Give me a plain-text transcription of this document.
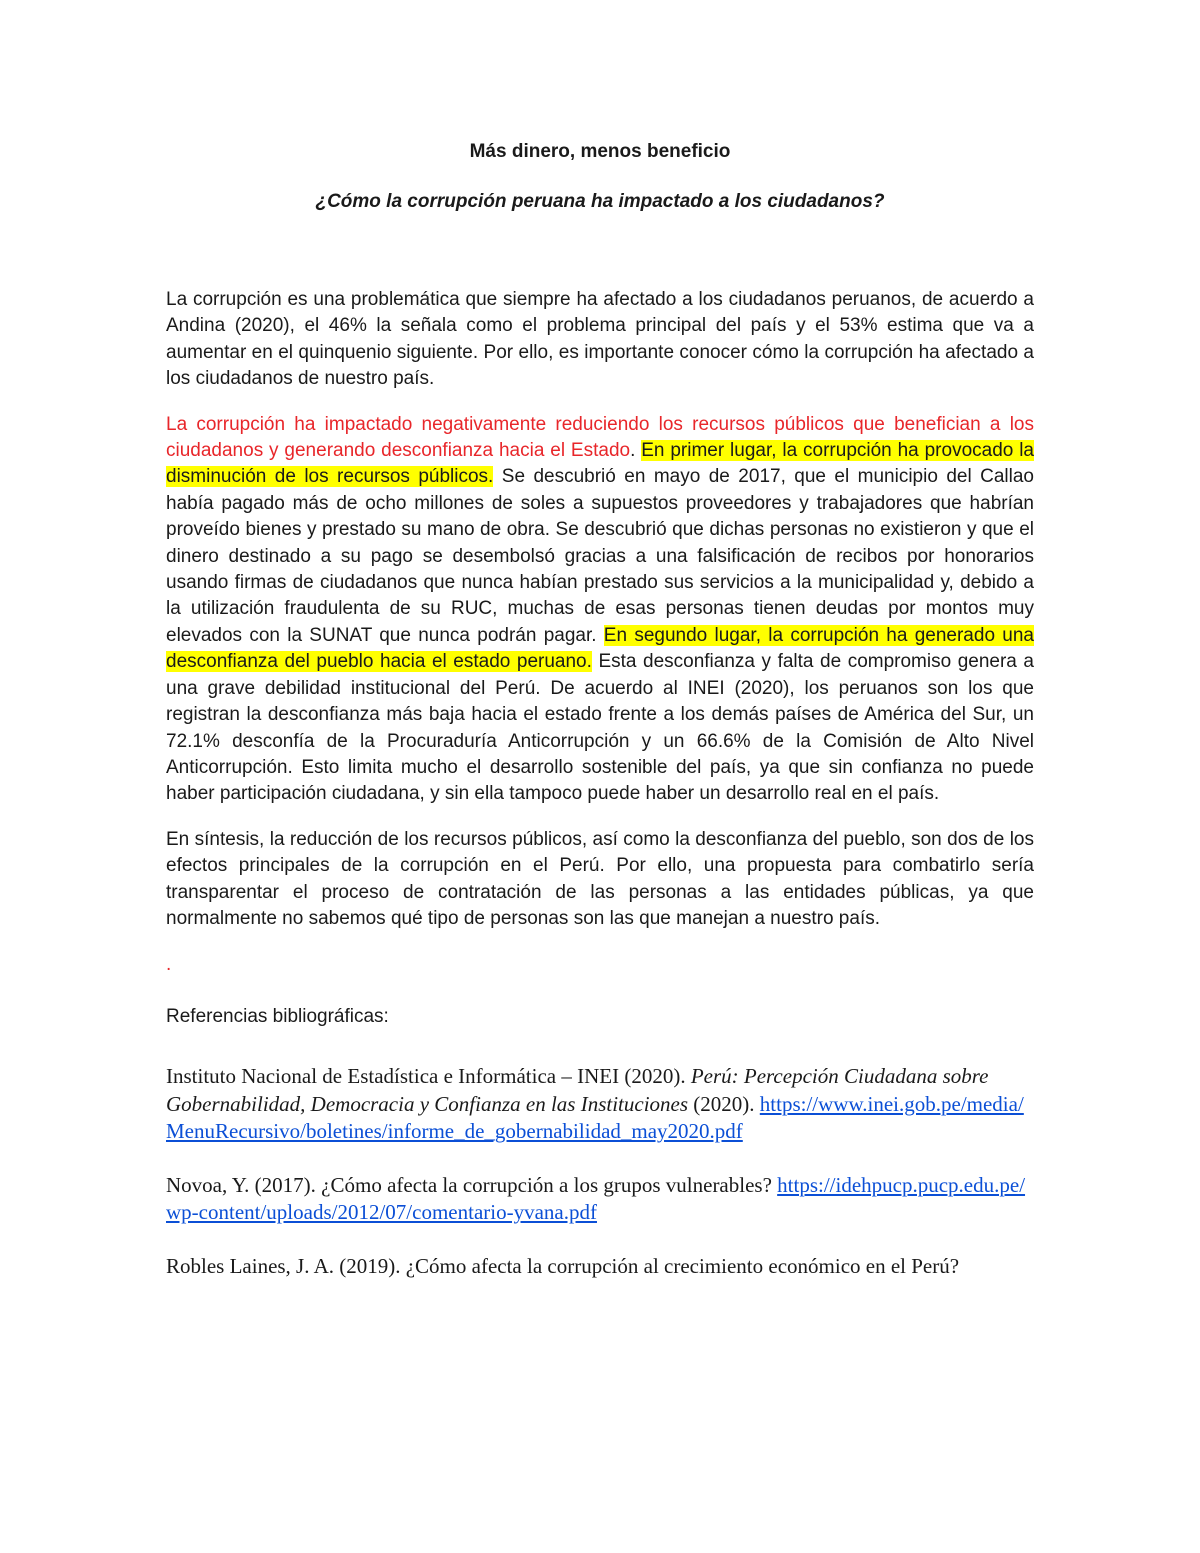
Más dinero, menos beneficio

¿Cómo la corrupción peruana ha impactado a los ciudadanos?

La corrupción es una problemática que siempre ha afectado a los ciudadanos peruanos, de acuerdo a Andina (2020), el 46% la señala como el problema principal del país y el 53% estima que va a aumentar en el quinquenio siguiente. Por ello, es importante conocer cómo la corrupción ha afectado a los ciudadanos de nuestro país.

La corrupción ha impactado negativamente reduciendo los recursos públicos que benefician a los ciudadanos y generando desconfianza hacia el Estado. En primer lugar, la corrupción ha provocado la disminución de los recursos públicos. Se descubrió en mayo de 2017, que el municipio del Callao había pagado más de ocho millones de soles a supuestos proveedores y trabajadores que habrían proveído bienes y prestado su mano de obra. Se descubrió que dichas personas no existieron y que el dinero destinado a su pago se desembolsó gracias a una falsificación de recibos por honorarios usando firmas de ciudadanos que nunca habían prestado sus servicios a la municipalidad y, debido a la utilización fraudulenta de su RUC, muchas de esas personas tienen deudas por montos muy elevados con la SUNAT que nunca podrán pagar. En segundo lugar, la corrupción ha generado una desconfianza del pueblo hacia el estado peruano. Esta desconfianza y falta de compromiso genera a una grave debilidad institucional del Perú. De acuerdo al INEI (2020), los peruanos son los que registran la desconfianza más baja hacia el estado frente a los demás países de América del Sur, un 72.1% desconfía de la Procuraduría Anticorrupción y un 66.6% de la Comisión de Alto Nivel Anticorrupción. Esto limita mucho el desarrollo sostenible del país, ya que sin confianza no puede haber participación ciudadana, y sin ella tampoco puede haber un desarrollo real en el país.

En síntesis, la reducción de los recursos públicos, así como la desconfianza del pueblo, son dos de los efectos principales de la corrupción en el Perú. Por ello, una propuesta para combatirlo sería transparentar el proceso de contratación de las personas a las entidades públicas, ya que normalmente no sabemos qué tipo de personas son las que manejan a nuestro país.

.

Referencias bibliográficas:

Instituto Nacional de Estadística e Informática – INEI (2020). Perú: Percepción Ciudadana sobre Gobernabilidad, Democracia y Confianza en las Instituciones (2020). https://www.inei.gob.pe/media/MenuRecursivo/boletines/informe_de_gobernabilidad_may2020.pdf

Novoa, Y. (2017). ¿Cómo afecta la corrupción a los grupos vulnerables? https://idehpucp.pucp.edu.pe/wp-content/uploads/2012/07/comentario-yvana.pdf

Robles Laines, J. A. (2019). ¿Cómo afecta la corrupción al crecimiento económico en el Perú?
